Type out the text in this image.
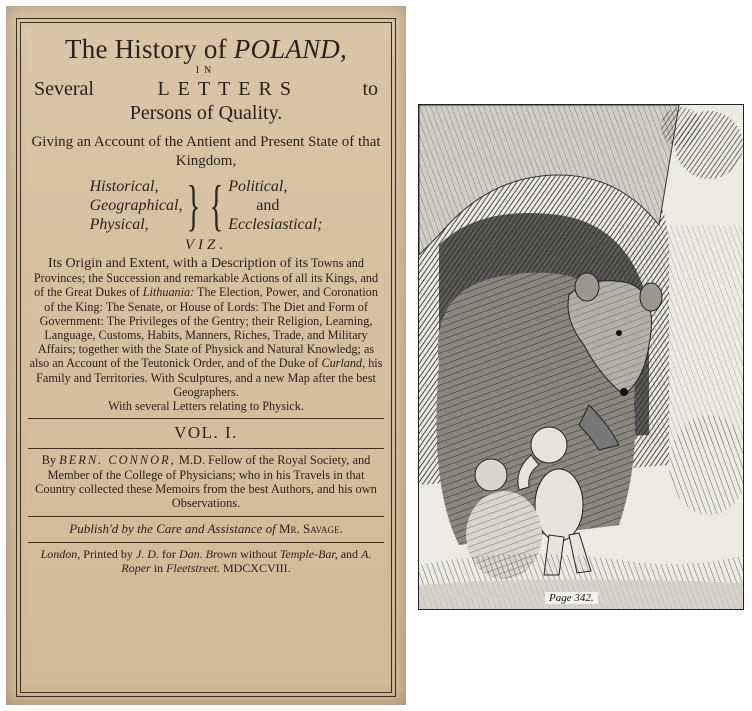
The History of POLAND,
IN
Several	LETTERS	to
Persons of Quality.
Giving an Account of the Antient and Present State of that Kingdom,
Historical,
Geographical,
Physical, } { Political,
and
Ecclesiastical;
VIZ.
Its Origin and Extent, with a Description of its Towns and Provinces; the Succession and remarkable Actions of all its Kings, and of the Great Dukes of Lithuania: The Election, Power, and Coronation of the King: The Senate, or House of Lords: The Diet and Form of Government: The Privileges of the Gentry; their Religion, Learning, Language, Customs, Habits, Manners, Riches, Trade, and Military Affairs; together with the State of Physick and Natural Knowledg; as also an Account of the Teutonick Order, and of the Duke of Curland, his Family and Territories. With Sculptures, and a new Map after the best Geographers.
With several Letters relating to Physick.
VOL. I.
By BERN. CONNOR, M.D. Fellow of the Royal Society, and Member of the College of Physicians; who in his Travels in that Country collected these Memoirs from the best Authors, and his own Observations.
Publish'd by the Care and Assistance of Mr. Savage.
London, Printed by J. D. for Dan. Brown without Temple-Bar, and A. Roper in Fleetstreet. MDCXCVIII.
Page 342.
